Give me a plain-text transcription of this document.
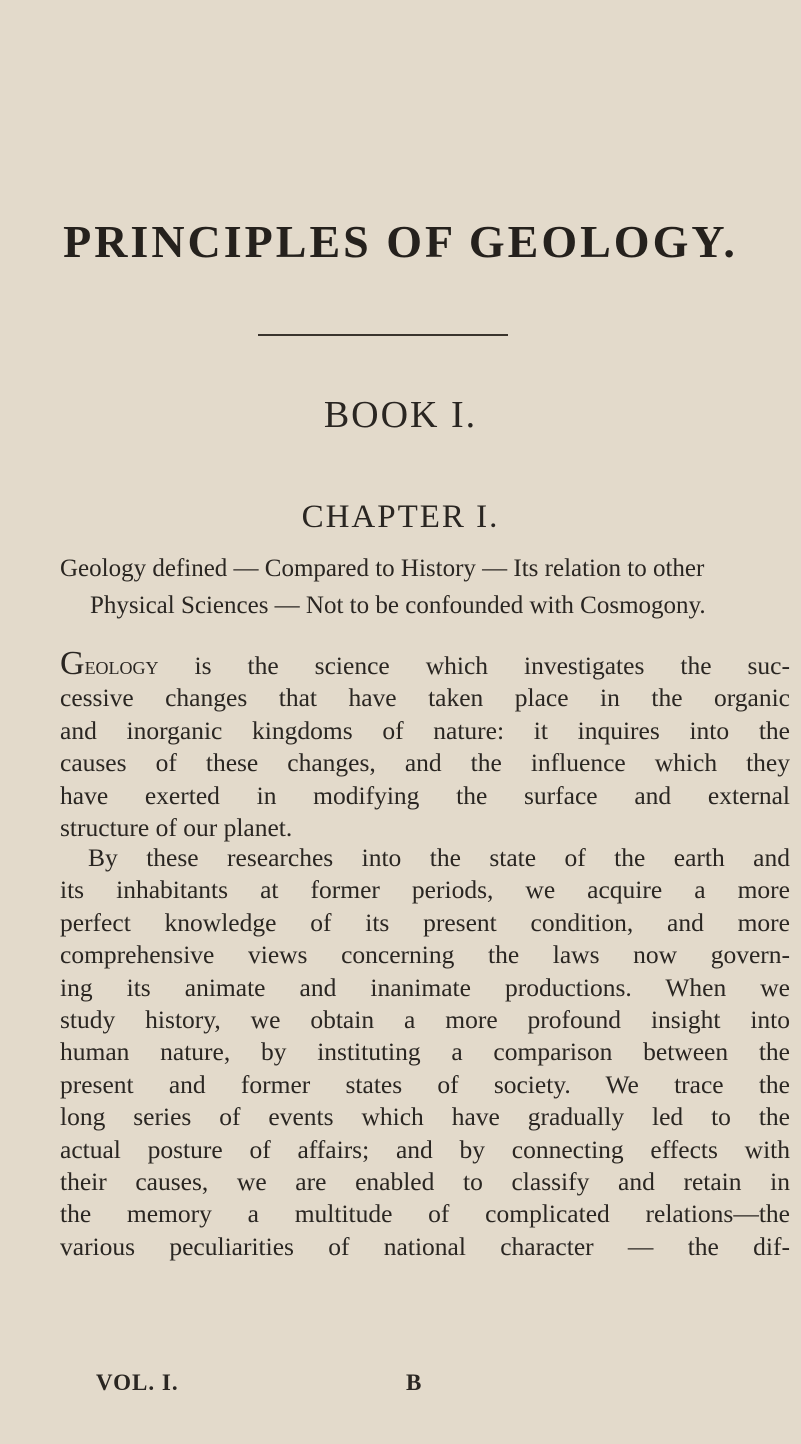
PRINCIPLES OF GEOLOGY.
BOOK I.
CHAPTER I.
Geology defined — Compared to History — Its relation to other
Physical Sciences — Not to be confounded with Cosmogony.
Geology is the science which investigates the suc-
cessive changes that have taken place in the organic
and inorganic kingdoms of nature: it inquires into the
causes of these changes, and the influence which they
have exerted in modifying the surface and external
structure of our planet.
By these researches into the state of the earth and
its inhabitants at former periods, we acquire a more
perfect knowledge of its present condition, and more
comprehensive views concerning the laws now govern-
ing its animate and inanimate productions. When we
study history, we obtain a more profound insight into
human nature, by instituting a comparison between the
present and former states of society. We trace the
long series of events which have gradually led to the
actual posture of affairs; and by connecting effects with
their causes, we are enabled to classify and retain in
the memory a multitude of complicated relations—the
various peculiarities of national character — the dif-
VOL. I.	B
